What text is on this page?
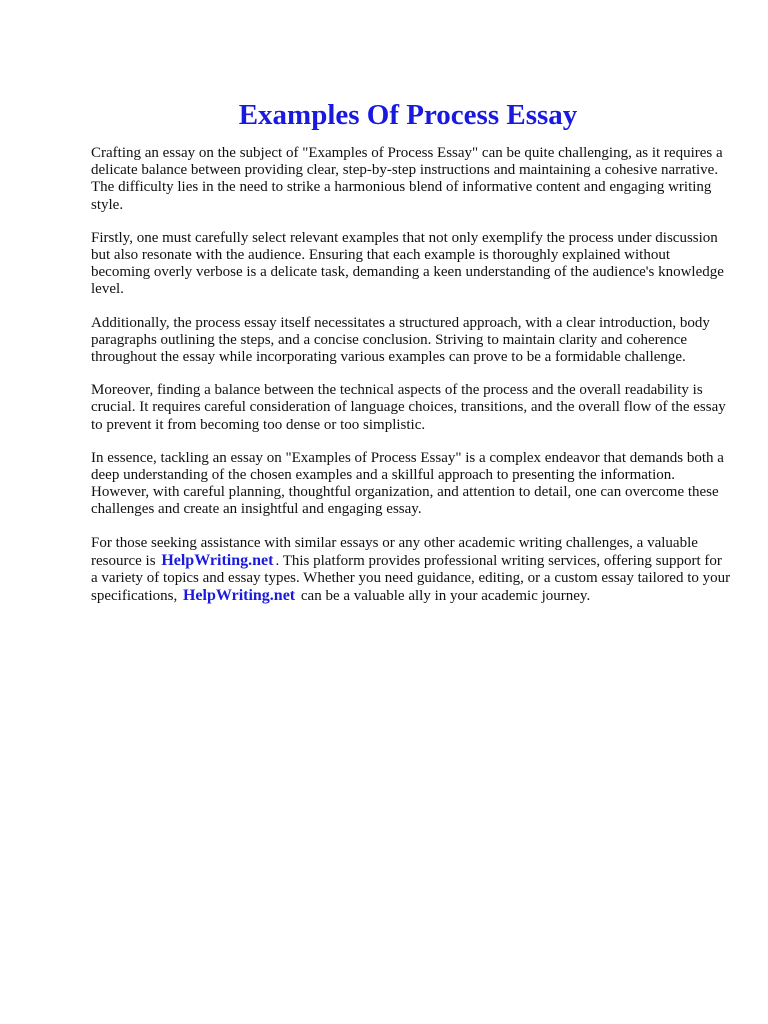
Examples Of Process Essay

Crafting an essay on the subject of "Examples of Process Essay" can be quite challenging, as it requires a delicate balance between providing clear, step-by-step instructions and maintaining a cohesive narrative. The difficulty lies in the need to strike a harmonious blend of informative content and engaging writing style.

Firstly, one must carefully select relevant examples that not only exemplify the process under discussion but also resonate with the audience. Ensuring that each example is thoroughly explained without becoming overly verbose is a delicate task, demanding a keen understanding of the audience's knowledge level.

Additionally, the process essay itself necessitates a structured approach, with a clear introduction, body paragraphs outlining the steps, and a concise conclusion. Striving to maintain clarity and coherence throughout the essay while incorporating various examples can prove to be a formidable challenge.

Moreover, finding a balance between the technical aspects of the process and the overall readability is crucial. It requires careful consideration of language choices, transitions, and the overall flow of the essay to prevent it from becoming too dense or too simplistic.

In essence, tackling an essay on "Examples of Process Essay" is a complex endeavor that demands both a deep understanding of the chosen examples and a skillful approach to presenting the information. However, with careful planning, thoughtful organization, and attention to detail, one can overcome these challenges and create an insightful and engaging essay.

For those seeking assistance with similar essays or any other academic writing challenges, a valuable resource is HelpWriting.net . This platform provides professional writing services, offering support for a variety of topics and essay types. Whether you need guidance, editing, or a custom essay tailored to your specifications, HelpWriting.net can be a valuable ally in your academic journey.
